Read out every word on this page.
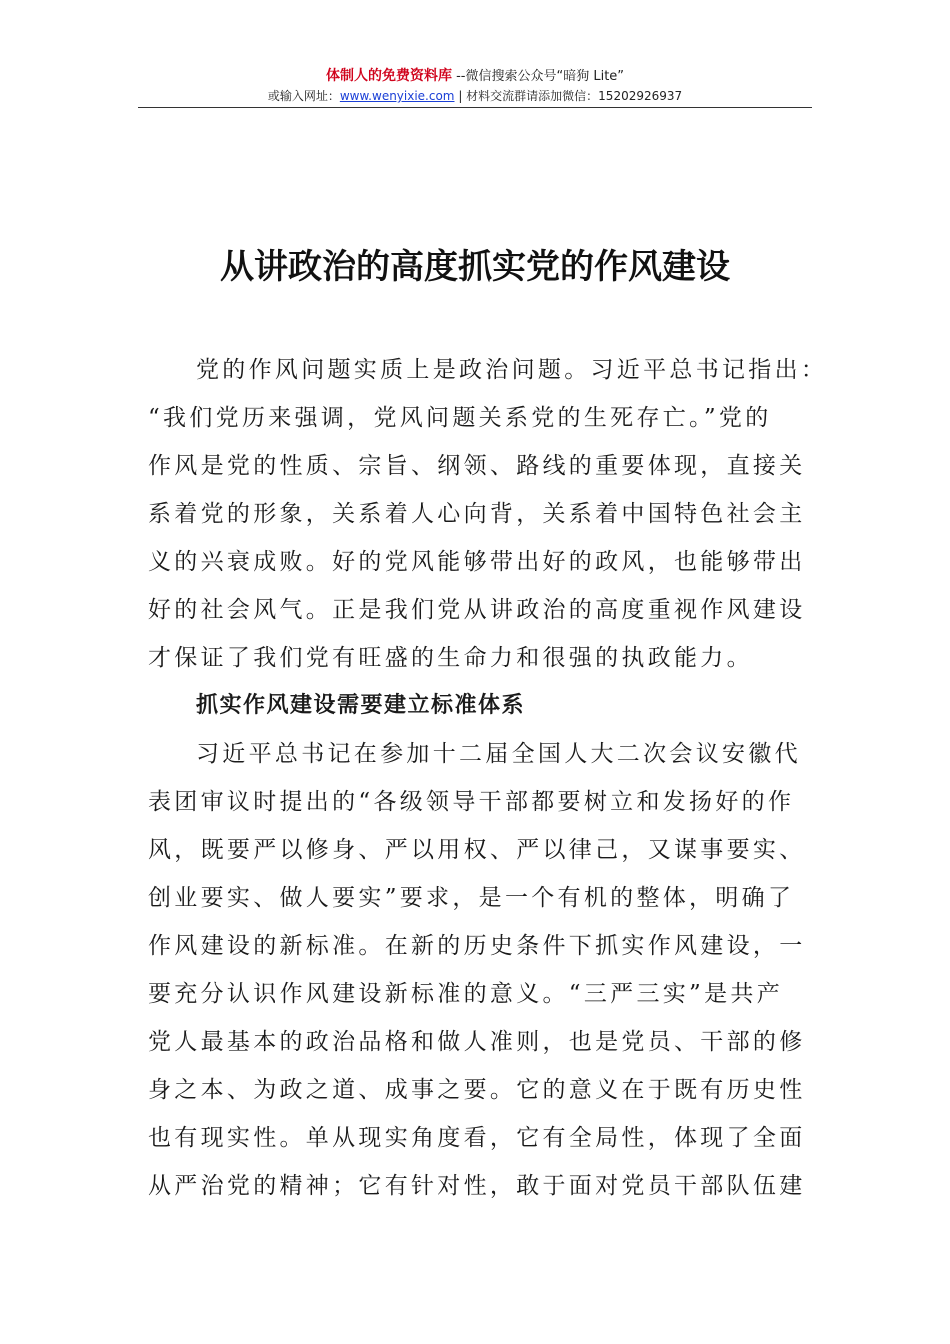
体制人的免费资料库 --微信搜索公众号“暗狗 Lite”
或输入网址：www.wenyixie.com | 材料交流群请添加微信：15202926937
从讲政治的高度抓实党的作风建设
党的作风问题实质上是政治问题。习近平总书记指出：
“我们党历来强调，党风问题关系党的生死存亡。”党的
作风是党的性质、宗旨、纲领、路线的重要体现，直接关
系着党的形象，关系着人心向背，关系着中国特色社会主
义的兴衰成败。好的党风能够带出好的政风，也能够带出
好的社会风气。正是我们党从讲政治的高度重视作风建设
才保证了我们党有旺盛的生命力和很强的执政能力。
抓实作风建设需要建立标准体系
习近平总书记在参加十二届全国人大二次会议安徽代
表团审议时提出的“各级领导干部都要树立和发扬好的作
风，既要严以修身、严以用权、严以律己，又谋事要实、
创业要实、做人要实”要求，是一个有机的整体，明确了
作风建设的新标准。在新的历史条件下抓实作风建设，一
要充分认识作风建设新标准的意义。“三严三实”是共产
党人最基本的政治品格和做人准则，也是党员、干部的修
身之本、为政之道、成事之要。它的意义在于既有历史性
也有现实性。单从现实角度看，它有全局性，体现了全面
从严治党的精神；它有针对性，敢于面对党员干部队伍建
